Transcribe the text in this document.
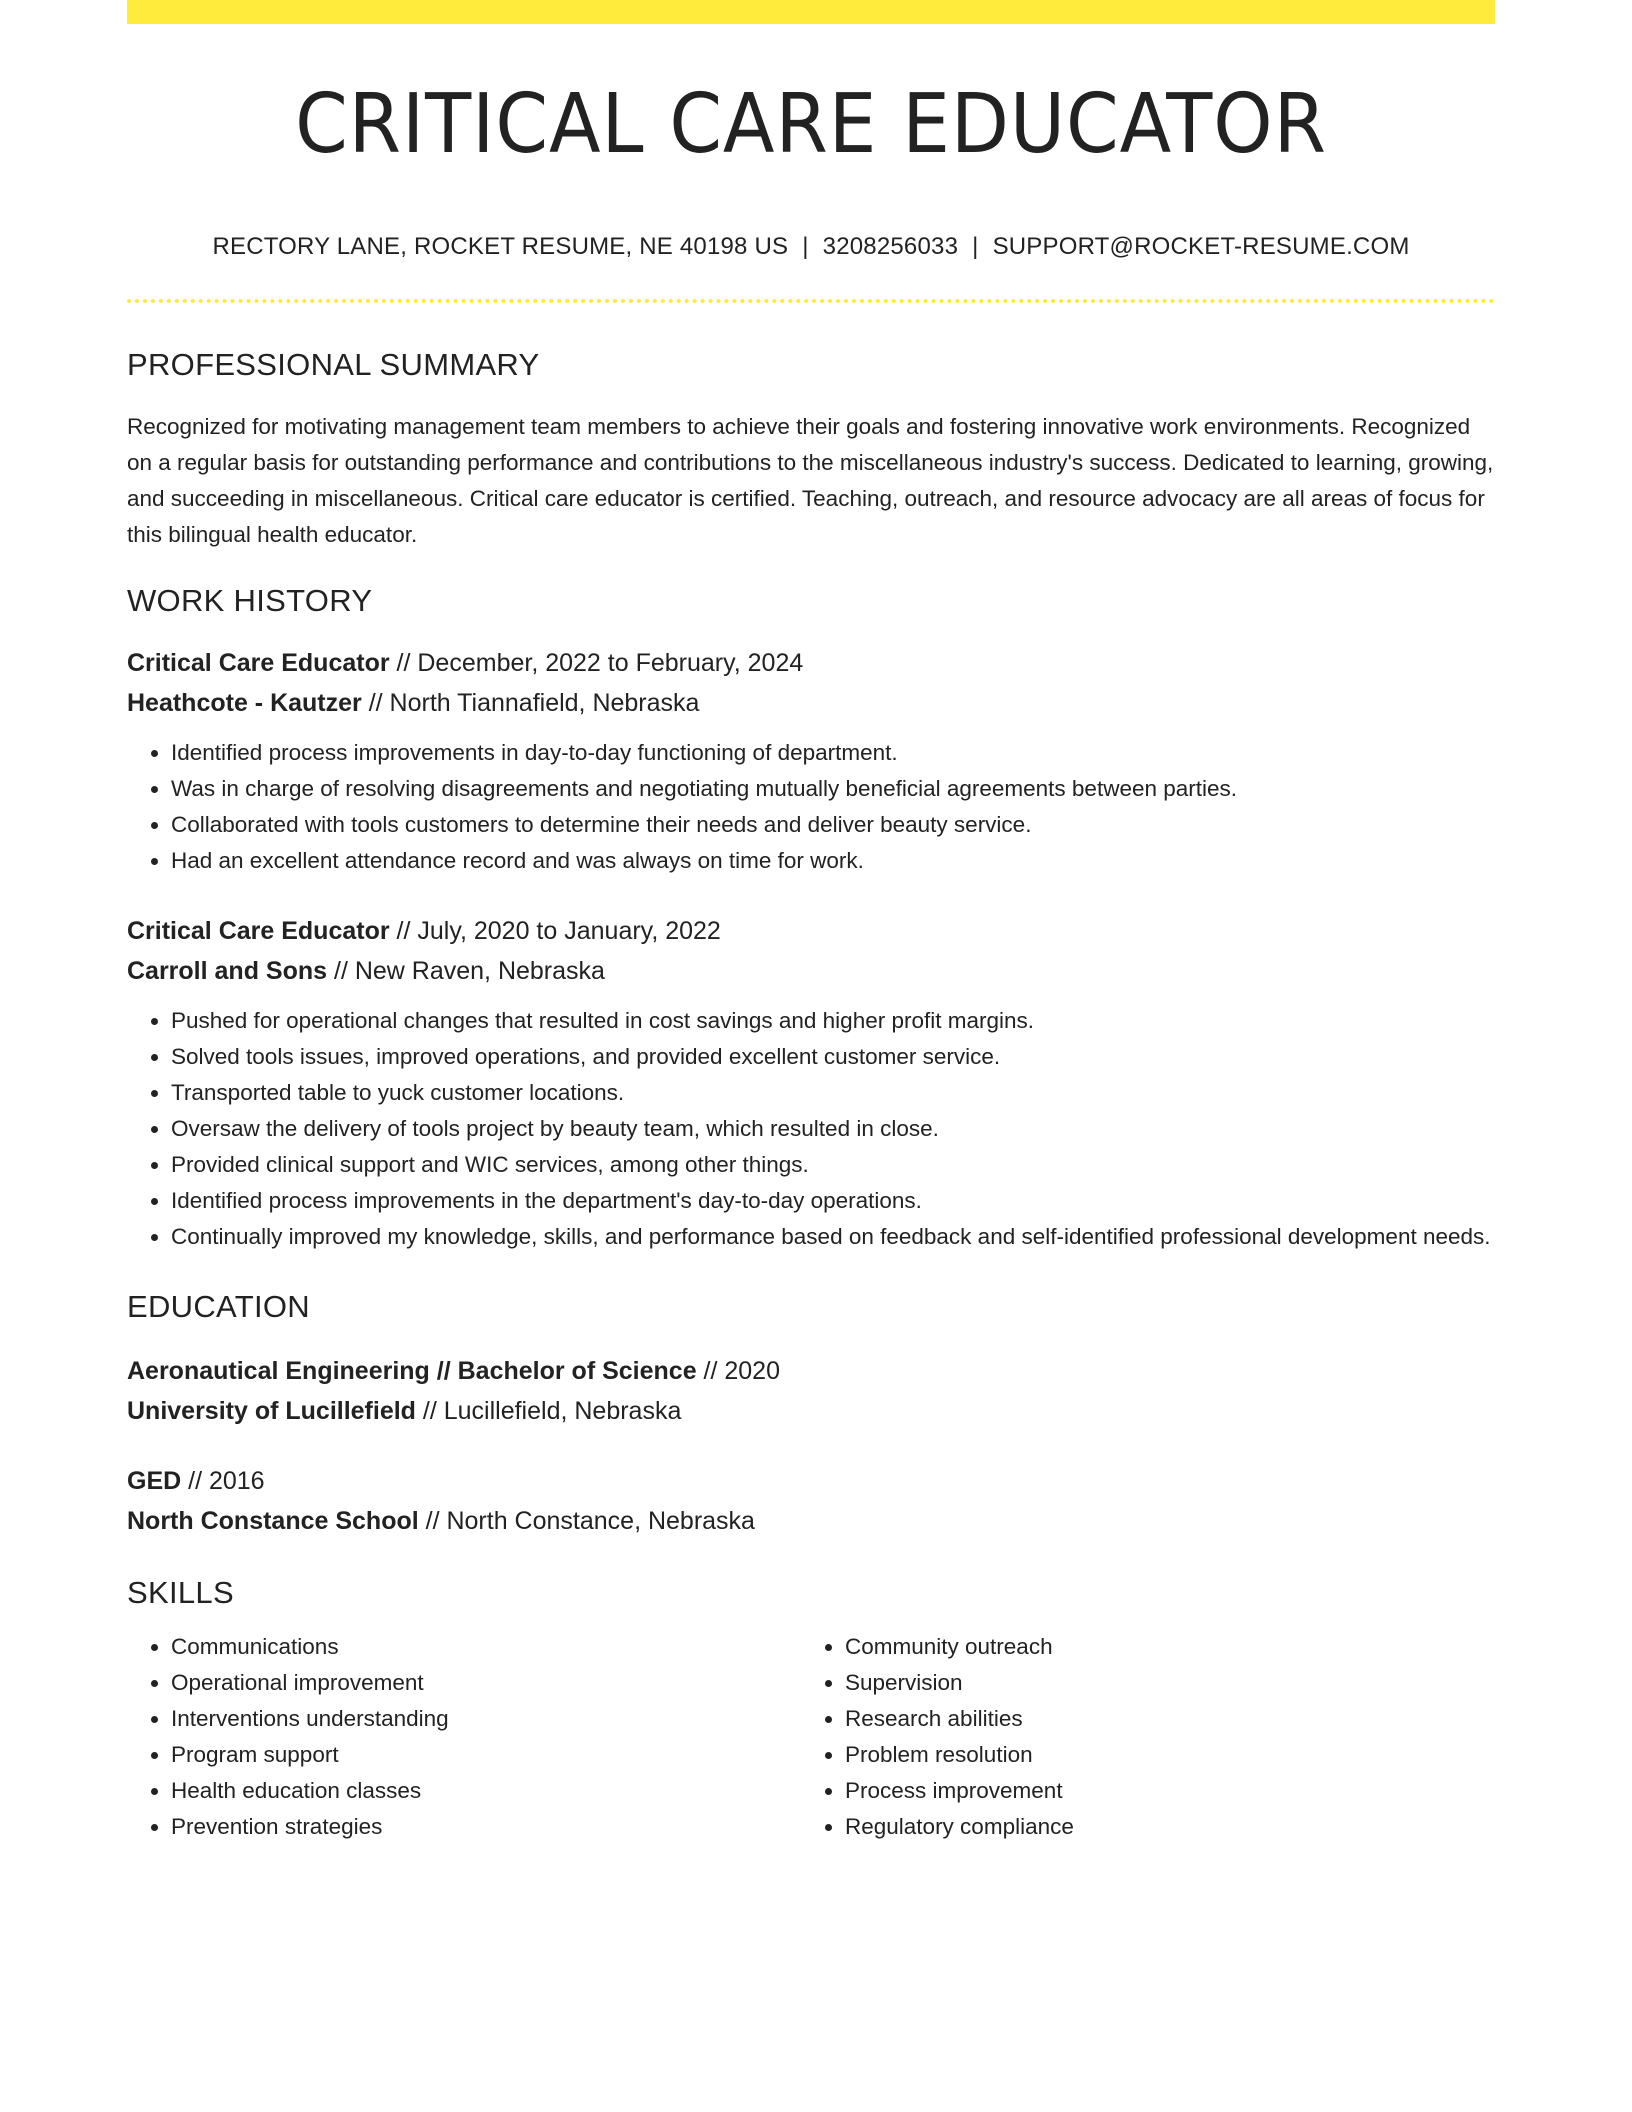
CRITICAL CARE EDUCATOR
RECTORY LANE, ROCKET RESUME, NE 40198 US | 3208256033 | SUPPORT@ROCKET-RESUME.COM
PROFESSIONAL SUMMARY

Recognized for motivating management team members to achieve their goals and fostering innovative work environments. Recognized on a regular basis for outstanding performance and contributions to the miscellaneous industry's success. Dedicated to learning, growing, and succeeding in miscellaneous. Critical care educator is certified. Teaching, outreach, and resource advocacy are all areas of focus for this bilingual health educator.

WORK HISTORY
Critical Care Educator // December, 2022 to February, 2024
Heathcote - Kautzer // North Tiannafield, Nebraska
• Identified process improvements in day-to-day functioning of department.
• Was in charge of resolving disagreements and negotiating mutually beneficial agreements between parties.
• Collaborated with tools customers to determine their needs and deliver beauty service.
• Had an excellent attendance record and was always on time for work.
Critical Care Educator // July, 2020 to January, 2022
Carroll and Sons // New Raven, Nebraska
• Pushed for operational changes that resulted in cost savings and higher profit margins.
• Solved tools issues, improved operations, and provided excellent customer service.
• Transported table to yuck customer locations.
• Oversaw the delivery of tools project by beauty team, which resulted in close.
• Provided clinical support and WIC services, among other things.
• Identified process improvements in the department's day-to-day operations.
• Continually improved my knowledge, skills, and performance based on feedback and self-identified professional development needs.
EDUCATION
Aeronautical Engineering // Bachelor of Science // 2020
University of Lucillefield // Lucillefield, Nebraska
GED // 2016
North Constance School // North Constance, Nebraska
SKILLS
• Communications
• Operational improvement
• Interventions understanding
• Program support
• Health education classes
• Prevention strategies
• Community outreach
• Supervision
• Research abilities
• Problem resolution
• Process improvement
• Regulatory compliance
